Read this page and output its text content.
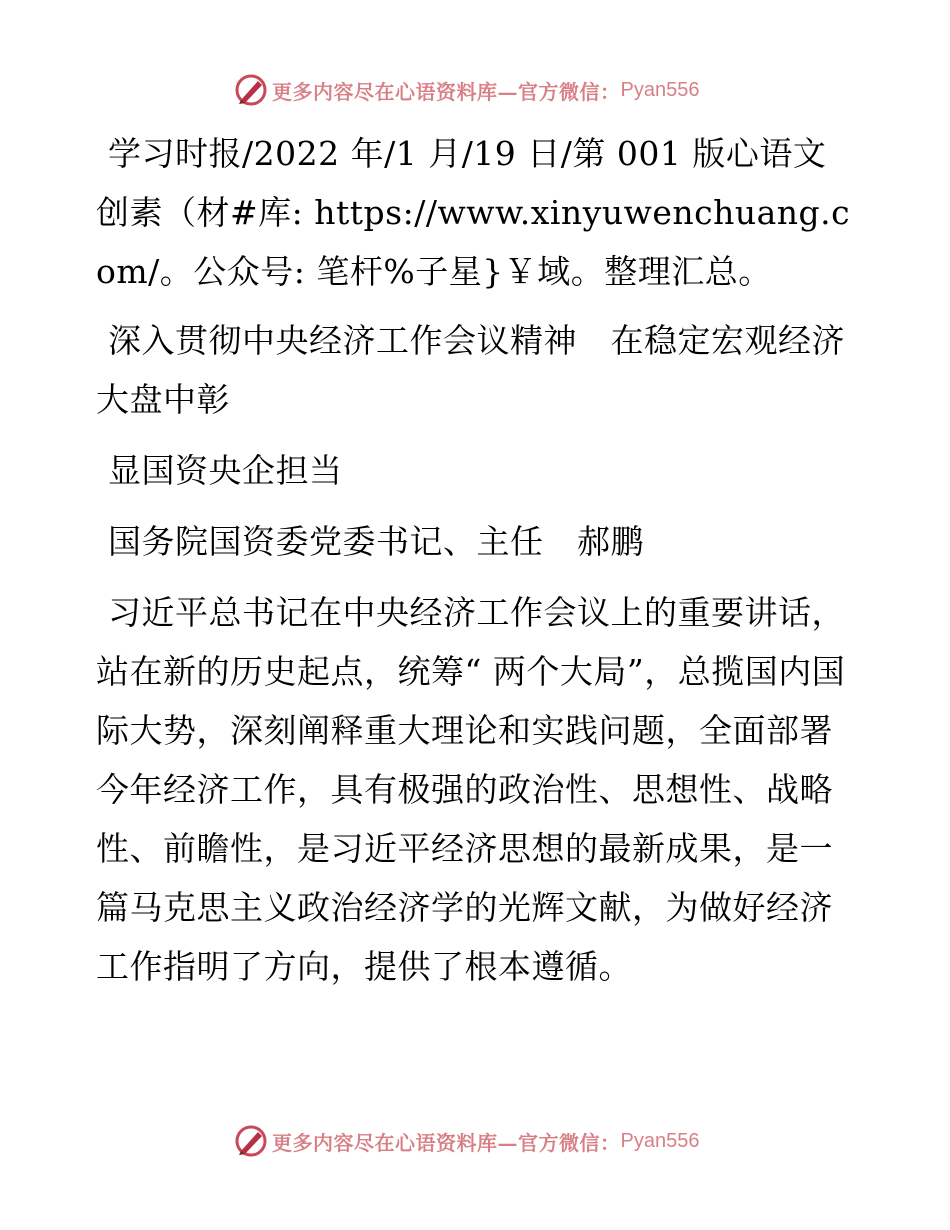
更多内容尽在心语资料库—官方微信： Pyan556

学习时报/2022 年/1 月/19 日/第 001 版心语文创素（材#库: https://www.xinyuwenchuang.com/。公众号: 笔杆%子星}￥域。整理汇总。

深入贯彻中央经济工作会议精神　在稳定宏观经济大盘中彰

显国资央企担当

国务院国资委党委书记、主任　郝鹏

习近平总书记在中央经济工作会议上的重要讲话，站在新的历史起点，统筹“ 两个大局”，总揽国内国际大势，深刻阐释重大理论和实践问题，全面部署今年经济工作，具有极强的政治性、思想性、战略性、前瞻性，是习近平经济思想的最新成果，是一篇马克思主义政治经济学的光辉文献，为做好经济工作指明了方向，提供了根本遵循。

更多内容尽在心语资料库—官方微信： Pyan556
